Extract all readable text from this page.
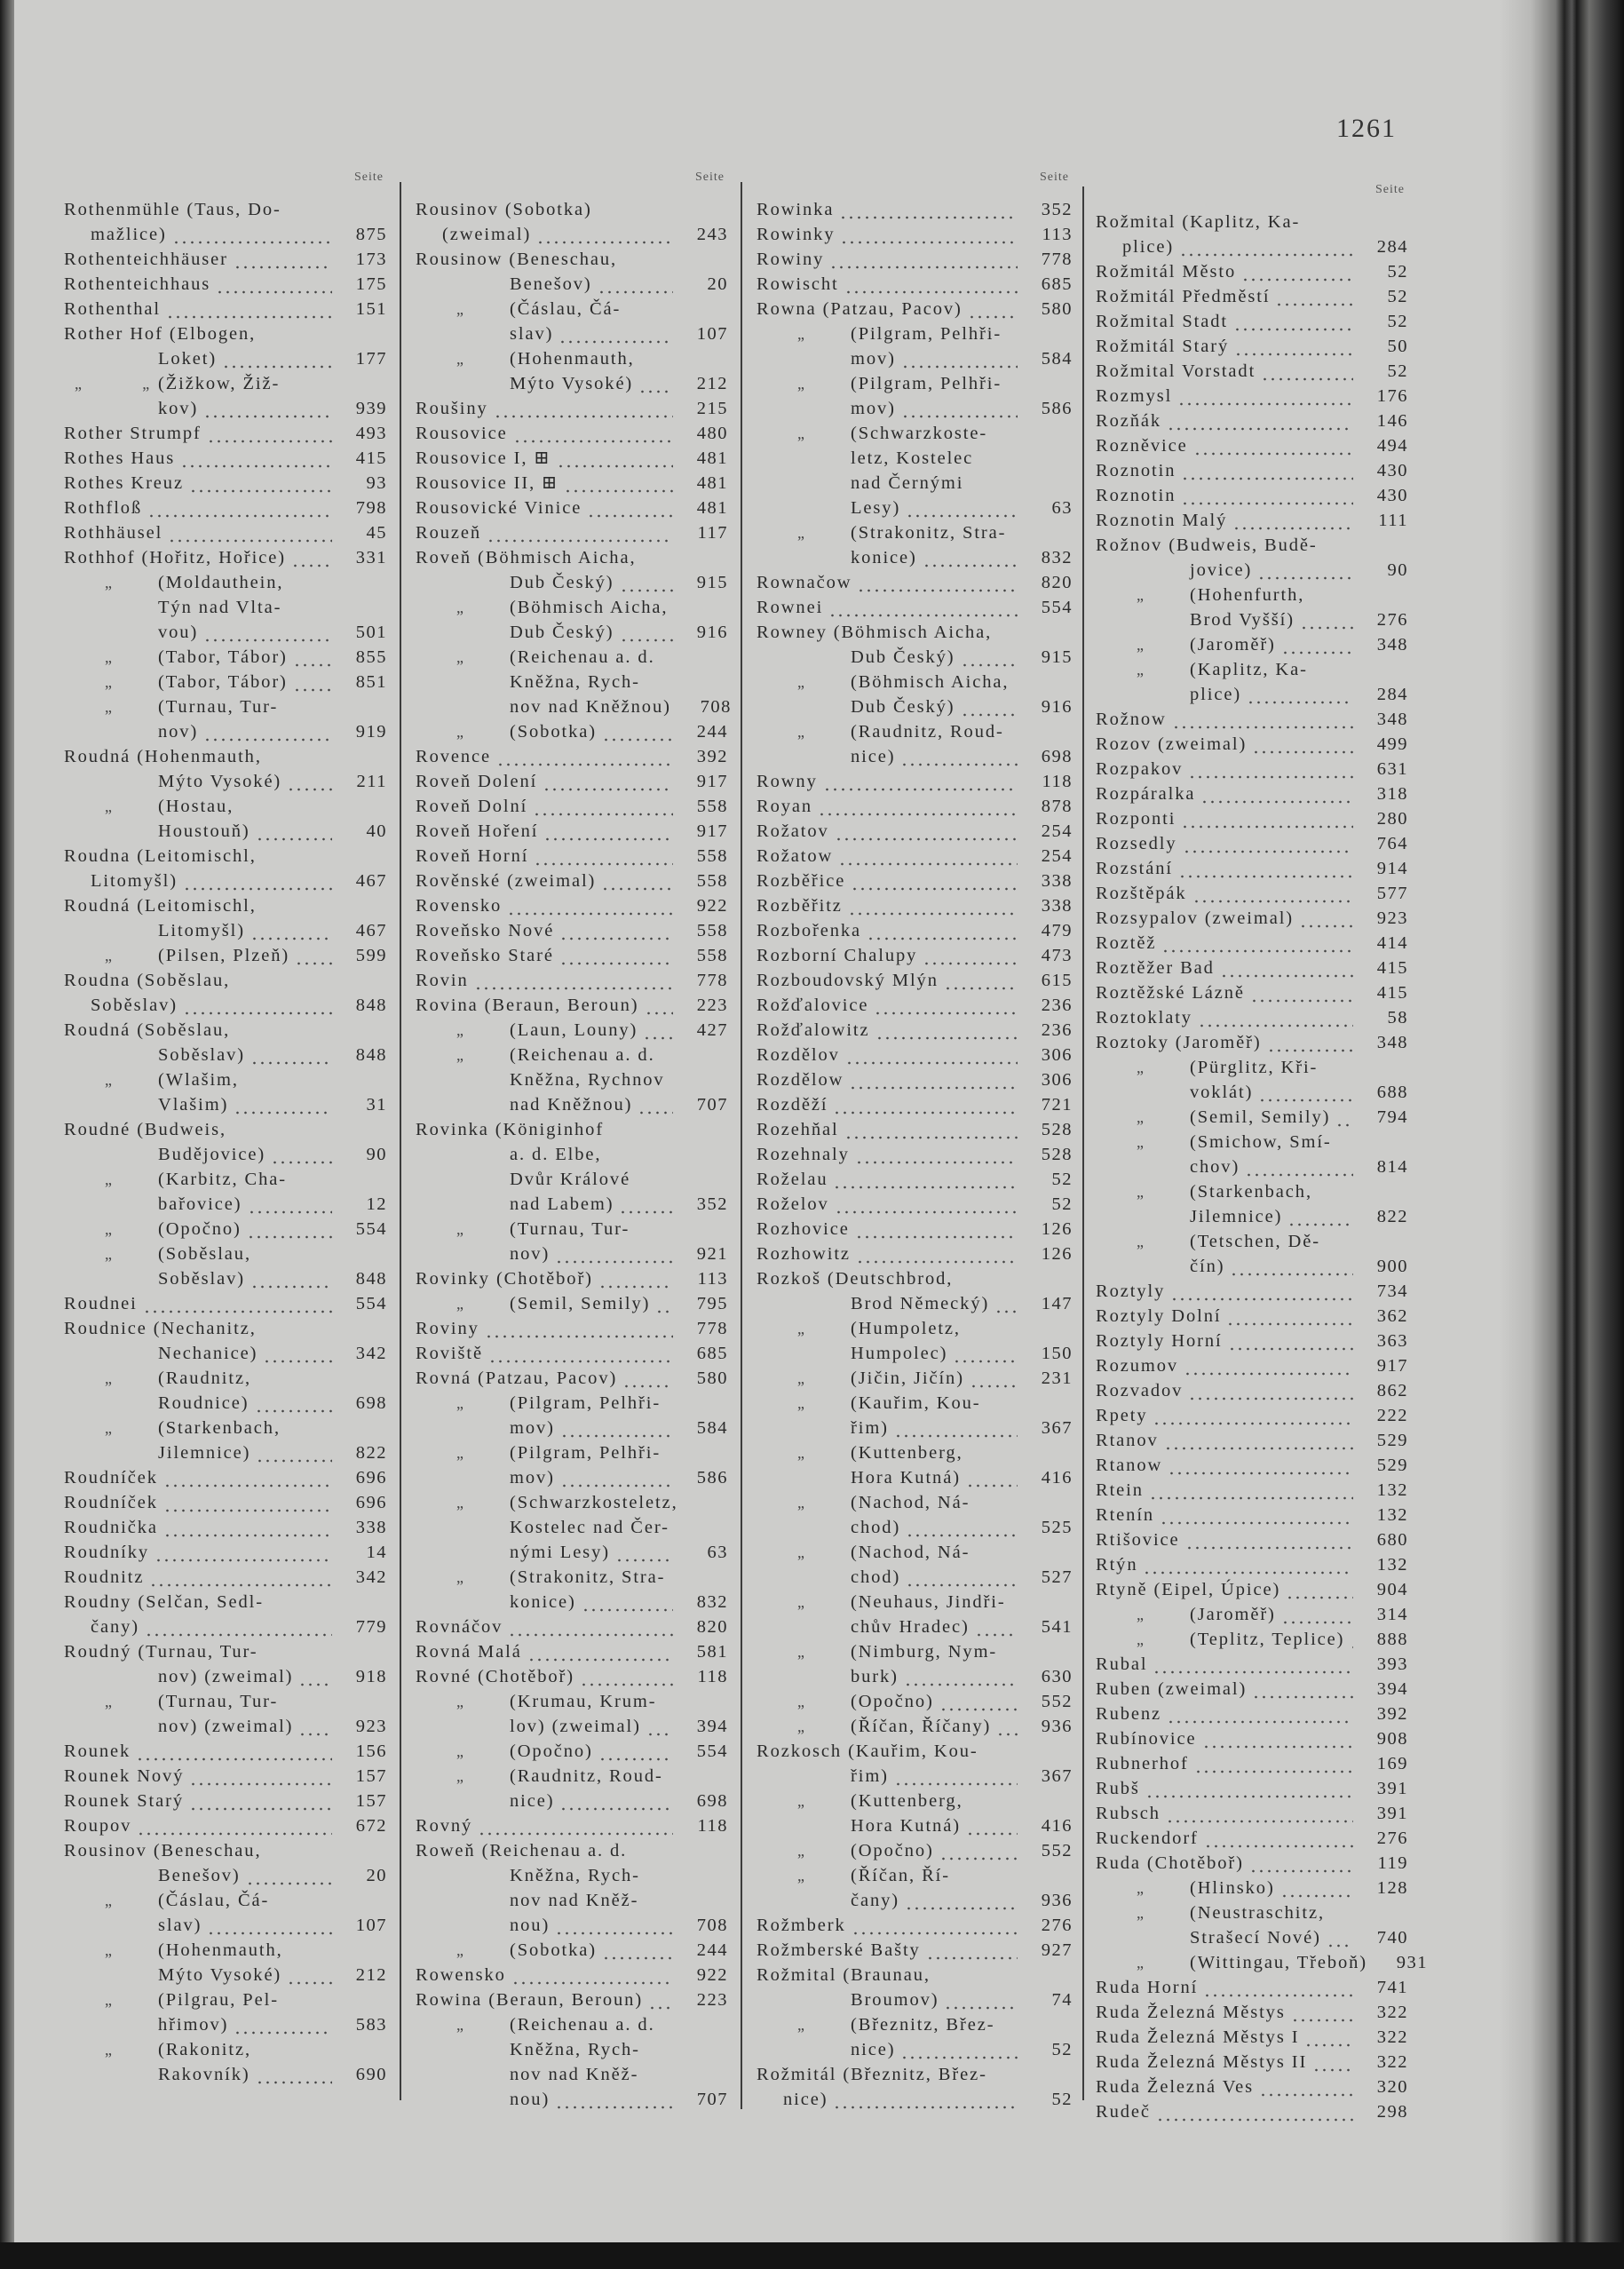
1261
Seite
Rothenmühle (Taus, Do-
mažlice)	875
Rothenteichhäuser	173
Rothenteichhaus	175
Rothenthal	151
Rother Hof (Elbogen,
Loket)	177
„ „ (Žižkow, Žiž-
kov)	939
Rother Strumpf	493
Rothes Haus	415
Rothes Kreuz	93
Rothfloß	798
Rothhäusel	45
Rothhof (Hořitz, Hořice)	331
„ (Moldauthein,
Týn nad Vlta-
vou)	501
„ (Tabor, Tábor)	855
„ (Tabor, Tábor)	851
„ (Turnau, Tur-
nov)	919
Roudná (Hohenmauth,
Mýto Vysoké)	211
„ (Hostau,
Houstouň)	40
Roudna (Leitomischl,
Litomyšl)	467
Roudná (Leitomischl,
Litomyšl)	467
„ (Pilsen, Plzeň)	599
Roudna (Soběslau,
Soběslav)	848
Roudná (Soběslau,
Soběslav)	848
„ (Wlašim,
Vlašim)	31
Roudné (Budweis,
Budějovice)	90
„ (Karbitz, Cha-
bařovice)	12
„ (Opočno)	554
„ (Soběslau,
Soběslav)	848
Roudnei	554
Roudnice (Nechanitz,
Nechanice)	342
„ (Raudnitz,
Roudnice)	698
„ (Starkenbach,
Jilemnice)	822
Roudníček	696
Roudníček	696
Roudnička	338
Roudníky	14
Roudnitz	342
Roudny (Selčan, Sedl-
čany)	779
Roudný (Turnau, Tur-
nov) (zweimal)	918
„ (Turnau, Tur-
nov) (zweimal)	923
Rounek	156
Rounek Nový	157
Rounek Starý	157
Roupov	672
Rousinov (Beneschau,
Benešov)	20
„ (Čáslau, Čá-
slav)	107
„ (Hohenmauth,
Mýto Vysoké)	212
„ (Pilgrau, Pel-
hřimov)	583
„ (Rakonitz,
Rakovník)	690
Seite
Rousinov (Sobotka)
(zweimal)	243
Rousinow (Beneschau,
Benešov)	20
„ (Čáslau, Čá-
slav)	107
„ (Hohenmauth,
Mýto Vysoké)	212
Roušiny	215
Rousovice	480
Rousovice I, ⊞	481
Rousovice II, ⊞	481
Rousovické Vinice	481
Rouzeň	117
Roveň (Böhmisch Aicha,
Dub Český)	915
„ (Böhmisch Aicha,
Dub Český)	916
„ (Reichenau a. d.
Kněžna, Rych-
nov nad Kněžnou)	708
„ (Sobotka)	244
Rovence	392
Roveň Dolení	917
Roveň Dolní	558
Roveň Hoření	917
Roveň Horní	558
Rověnské (zweimal)	558
Rovensko	922
Roveňsko Nové	558
Roveňsko Staré	558
Rovin	778
Rovina (Beraun, Beroun)	223
„ (Laun, Louny)	427
„ (Reichenau a. d.
Kněžna, Rychnov
nad Kněžnou)	707
Rovinka (Königinhof
a. d. Elbe,
Dvůr Králové
nad Labem)	352
„ (Turnau, Tur-
nov)	921
Rovinky (Chotěboř)	113
„ (Semil, Semily)	795
Roviny	778
Roviště	685
Rovná (Patzau, Pacov)	580
„ (Pilgram, Pelhři-
mov)	584
„ (Pilgram, Pelhři-
mov)	586
„ (Schwarzkosteletz,
Kostelec nad Čer-
nými Lesy)	63
„ (Strakonitz, Stra-
konice)	832
Rovnáčov	820
Rovná Malá	581
Rovné (Chotěboř)	118
„ (Krumau, Krum-
lov) (zweimal)	394
„ (Opočno)	554
„ (Raudnitz, Roud-
nice)	698
Rovný	118
Roweň (Reichenau a. d.
Kněžna, Rych-
nov nad Kněž-
nou)	708
„ (Sobotka)	244
Rowensko	922
Rowina (Beraun, Beroun)	223
„ (Reichenau a. d.
Kněžna, Rych-
nov nad Kněž-
nou)	707
Seite
Rowinka	352
Rowinky	113
Rowiny	778
Rowischt	685
Rowna (Patzau, Pacov)	580
„ (Pilgram, Pelhři-
mov)	584
„ (Pilgram, Pelhři-
mov)	586
„ (Schwarzkoste-
letz, Kostelec
nad Černými
Lesy)	63
„ (Strakonitz, Stra-
konice)	832
Rownačow	820
Rownei	554
Rowney (Böhmisch Aicha,
Dub Český)	915
„ (Böhmisch Aicha,
Dub Český)	916
„ (Raudnitz, Roud-
nice)	698
Rowny	118
Royan	878
Rožatov	254
Rožatow	254
Rozběřice	338
Rozběřitz	338
Rozbořenka	479
Rozborní Chalupy	473
Rozboudovský Mlýn	615
Rožďalovice	236
Rožďalowitz	236
Rozdělov	306
Rozdělow	306
Rozděží	721
Rozehňal	528
Rozehnaly	528
Roželau	52
Roželov	52
Rozhovice	126
Rozhowitz	126
Rozkoš (Deutschbrod,
Brod Německý)	147
„ (Humpoletz,
Humpolec)	150
„ (Jičin, Jičín)	231
„ (Kauřim, Kou-
řim)	367
„ (Kuttenberg,
Hora Kutná)	416
„ (Nachod, Ná-
chod)	525
„ (Nachod, Ná-
chod)	527
„ (Neuhaus, Jindři-
chův Hradec)	541
„ (Nimburg, Nym-
burk)	630
„ (Opočno)	552
„ (Říčan, Říčany)	936
Rozkosch (Kauřim, Kou-
řim)	367
„ (Kuttenberg,
Hora Kutná)	416
„ (Opočno)	552
„ (Říčan, Ří-
čany)	936
Rožmberk	276
Rožmberské Bašty	927
Rožmital (Braunau,
Broumov)	74
„ (Březnitz, Břez-
nice)	52
Rožmitál (Březnitz, Břez-
nice)	52
Seite
Rožmital (Kaplitz, Ka-
plice)	284
Rožmitál Město	52
Rožmitál Předměstí	52
Rožmital Stadt	52
Rožmitál Starý	50
Rožmital Vorstadt	52
Rozmysl	176
Rozňák	146
Rozněvice	494
Roznotin	430
Roznotin	430
Roznotin Malý	111
Rožnov (Budweis, Budě-
jovice)	90
„ (Hohenfurth,
Brod Vyšší)	276
„ (Jaroměř)	348
„ (Kaplitz, Ka-
plice)	284
Rožnow	348
Rozov (zweimal)	499
Rozpakov	631
Rozpáralka	318
Rozponti	280
Rozsedly	764
Rozstání	914
Rozštěpák	577
Rozsypalov (zweimal)	923
Roztěž	414
Roztěžer Bad	415
Roztěžské Lázně	415
Roztoklaty	58
Roztoky (Jaroměř)	348
„ (Pürglitz, Kři-
voklát)	688
„ (Semil, Semily)	794
„ (Smichow, Smí-
chov)	814
„ (Starkenbach,
Jilemnice)	822
„ (Tetschen, Dě-
čín)	900
Roztyly	734
Roztyly Dolní	362
Roztyly Horní	363
Rozumov	917
Rozvadov	862
Rpety	222
Rtanov	529
Rtanow	529
Rtein	132
Rtenín	132
Rtišovice	680
Rtýn	132
Rtyně (Eipel, Úpice)	904
„ (Jaroměř)	314
„ (Teplitz, Teplice)	888
Rubal	393
Ruben (zweimal)	394
Rubenz	392
Rubínovice	908
Rubnerhof	169
Rubš	391
Rubsch	391
Ruckendorf	276
Ruda (Chotěboř)	119
„ (Hlinsko)	128
„ (Neustraschitz,
Strašecí Nové)	740
„ (Wittingau, Třeboň)	931
Ruda Horní	741
Ruda Železná Městys	322
Ruda Železná Městys I	322
Ruda Železná Městys II	322
Ruda Železná Ves	320
Rudeč	298
